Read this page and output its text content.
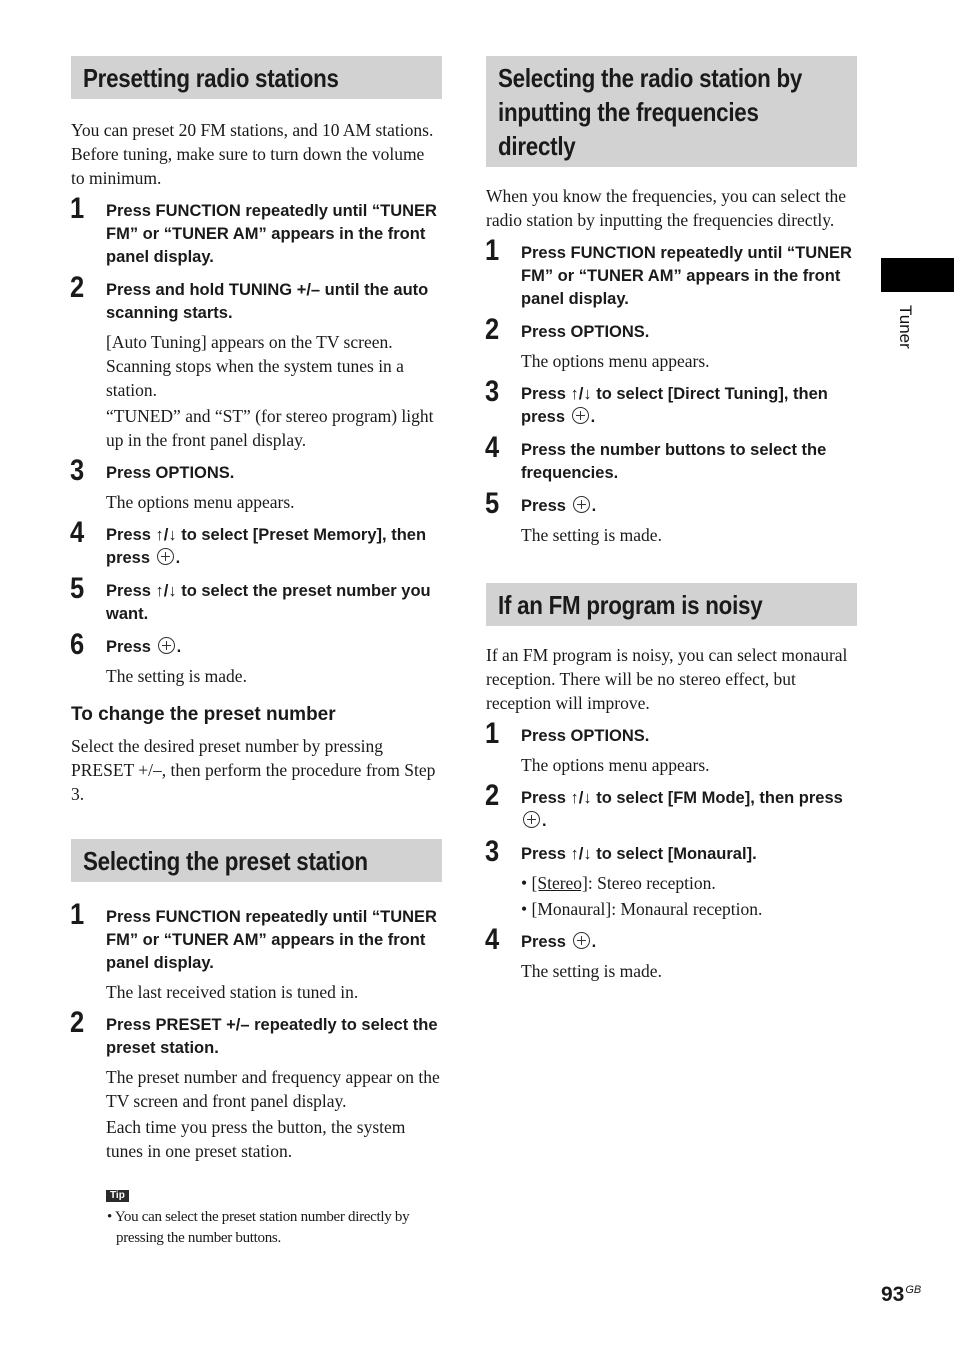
Presetting radio stations

You can preset 20 FM stations, and 10 AM stations. Before tuning, make sure to turn down the volume to minimum.

1 Press FUNCTION repeatedly until “TUNER FM” or “TUNER AM” appears in the front panel display.
2 Press and hold TUNING +/– until the auto scanning starts.
[Auto Tuning] appears on the TV screen. Scanning stops when the system tunes in a station.
“TUNED” and “ST” (for stereo program) light up in the front panel display.
3 Press OPTIONS.
The options menu appears.
4 Press ↑/↓ to select [Preset Memory], then press .
5 Press ↑/↓ to select the preset number you want.
6 Press .
The setting is made.
To change the preset number

Select the desired preset number by pressing PRESET +/–, then perform the procedure from Step 3.

Selecting the preset station
1 Press FUNCTION repeatedly until “TUNER FM” or “TUNER AM” appears in the front panel display.
The last received station is tuned in.
2 Press PRESET +/– repeatedly to select the preset station.
The preset number and frequency appear on the TV screen and front panel display.
Each time you press the button, the system tunes in one preset station.
Tip
• You can select the preset station number directly by pressing the number buttons.
Selecting the radio station by
inputting the frequencies
directly

When you know the frequencies, you can select the radio station by inputting the frequencies directly.

1 Press FUNCTION repeatedly until “TUNER FM” or “TUNER AM” appears in the front panel display.
2 Press OPTIONS.
The options menu appears.
3 Press ↑/↓ to select [Direct Tuning], then press .
4 Press the number buttons to select the frequencies.
5 Press .
The setting is made.
If an FM program is noisy

If an FM program is noisy, you can select monaural reception. There will be no stereo effect, but reception will improve.

1 Press OPTIONS.
The options menu appears.
2 Press ↑/↓ to select [FM Mode], then press .
3 Press ↑/↓ to select [Monaural].
• [Stereo]: Stereo reception.
• [Monaural]: Monaural reception.
4 Press .
The setting is made.
Tuner
$93^{GB}$
